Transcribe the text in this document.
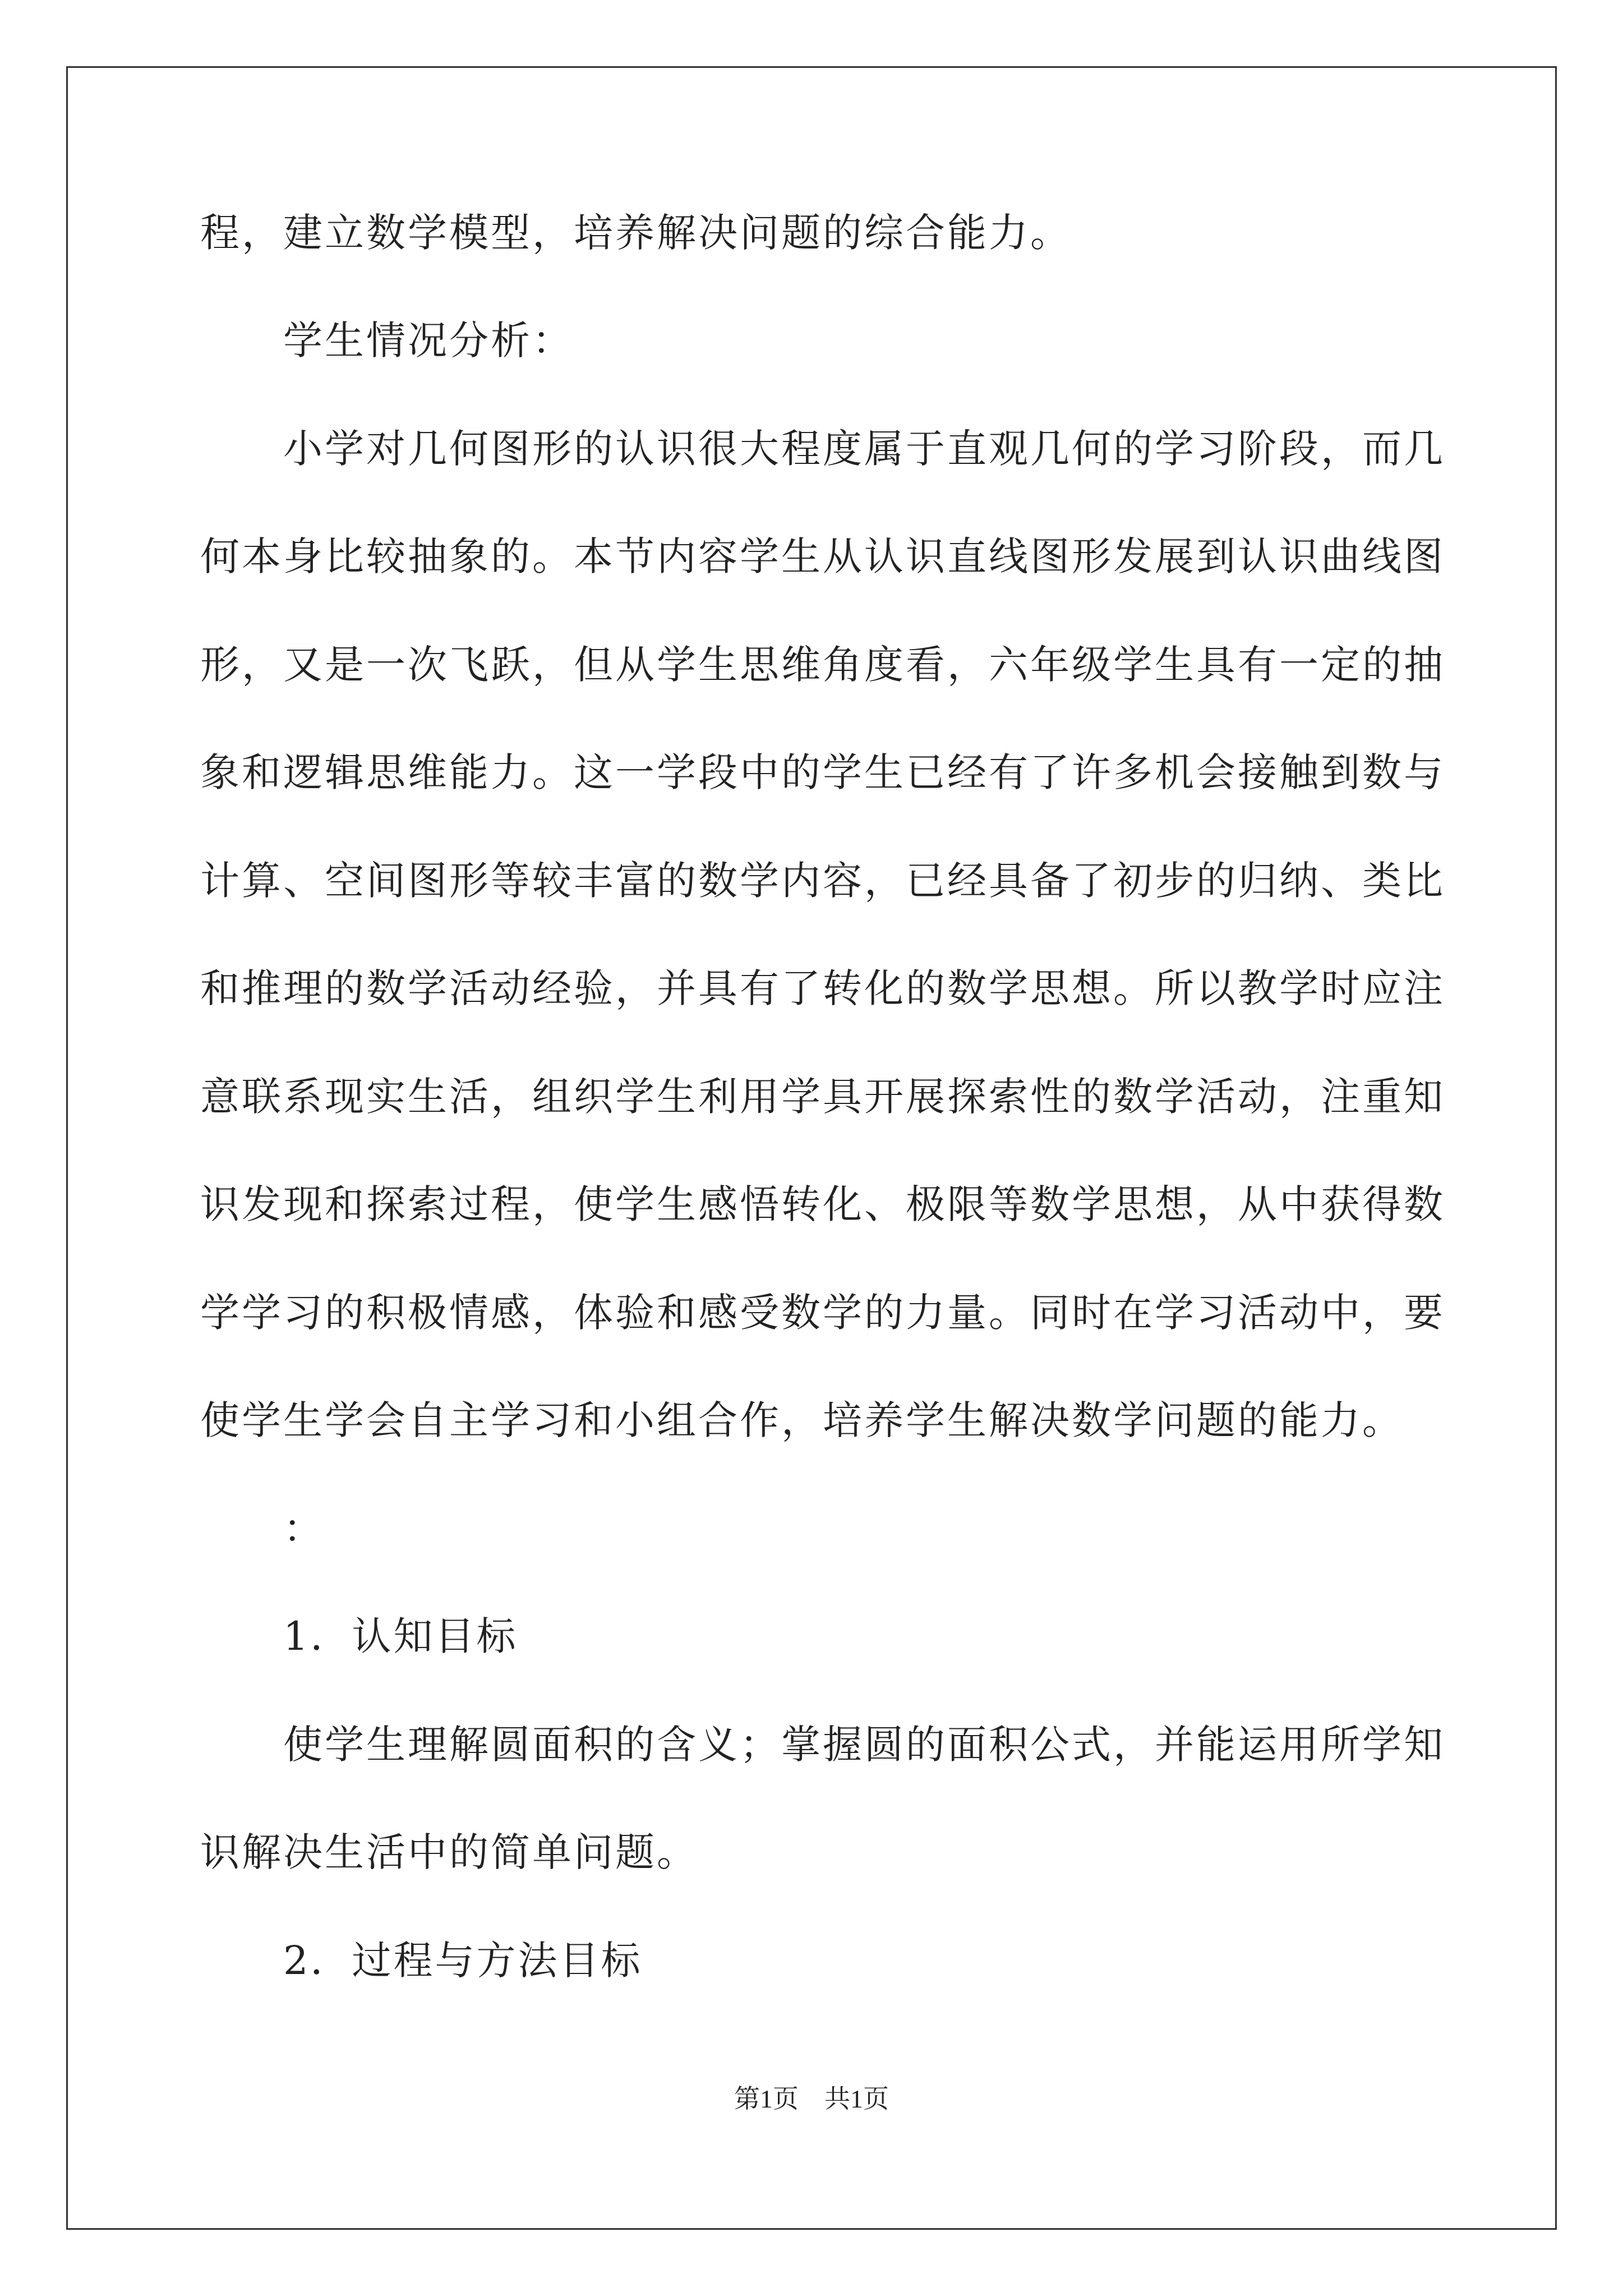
程，建立数学模型，培养解决问题的综合能力。
　　学生情况分析：
　　小学对几何图形的认识很大程度属于直观几何的学习阶段，而几
何本身比较抽象的。本节内容学生从认识直线图形发展到认识曲线图
形，又是一次飞跃，但从学生思维角度看，六年级学生具有一定的抽
象和逻辑思维能力。这一学段中的学生已经有了许多机会接触到数与
计算、空间图形等较丰富的数学内容，已经具备了初步的归纳、类比
和推理的数学活动经验，并具有了转化的数学思想。所以教学时应注
意联系现实生活，组织学生利用学具开展探索性的数学活动，注重知
识发现和探索过程，使学生感悟转化、极限等数学思想，从中获得数
学学习的积极情感，体验和感受数学的力量。同时在学习活动中，要
使学生学会自主学习和小组合作，培养学生解决数学问题的能力。
　　：
　　1．认知目标
　　使学生理解圆面积的含义；掌握圆的面积公式，并能运用所学知
识解决生活中的简单问题。
　　2．过程与方法目标
第1页　共1页
